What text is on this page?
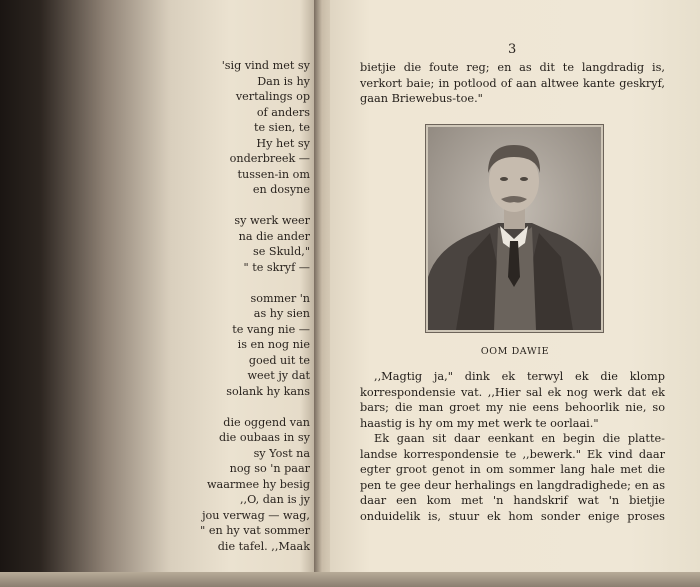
'sig vind met sy
Dan is hy
vertalings op
of anders
te sien, te
Hy het sy
onderbreek —
tussen-in om
en dosyne
sy werk weer
na die ander
se Skuld,"
" te skryf —
sommer 'n
as hy sien
te vang nie —
is en nog nie
goed uit te
weet jy dat
solank hy kans
die oggend van
die oubaas in sy
sy Yost na
nog so 'n paar
waarmee hy besig
,,O, dan is jy
jou verwag — wag,
" en hy vat sommer
die tafel. ,,Maak
3
bietjie die foute reg; en as dit te langdradig is,
verkort baie; in potlood of aan altwee kante geskryf,
gaan Briewebus-toe."
OOM DAWIE
,,Magtig ja," dink ek terwyl ek die klomp
korrespondensie vat. ,,Hier sal ek nog werk dat ek
bars; die man groet my nie eens behoorlik nie, so
haastig is hy om my met werk te oorlaai."
Ek gaan sit daar eenkant en begin die platte-
landse korrespondensie te ,,bewerk." Ek vind daar
egter groot genot in om sommer lang hale met die
pen te gee deur herhalings en langdradighede; en as
daar een kom met 'n handskrif wat 'n bietjie
onduidelik is, stuur ek hom sonder enige proses
